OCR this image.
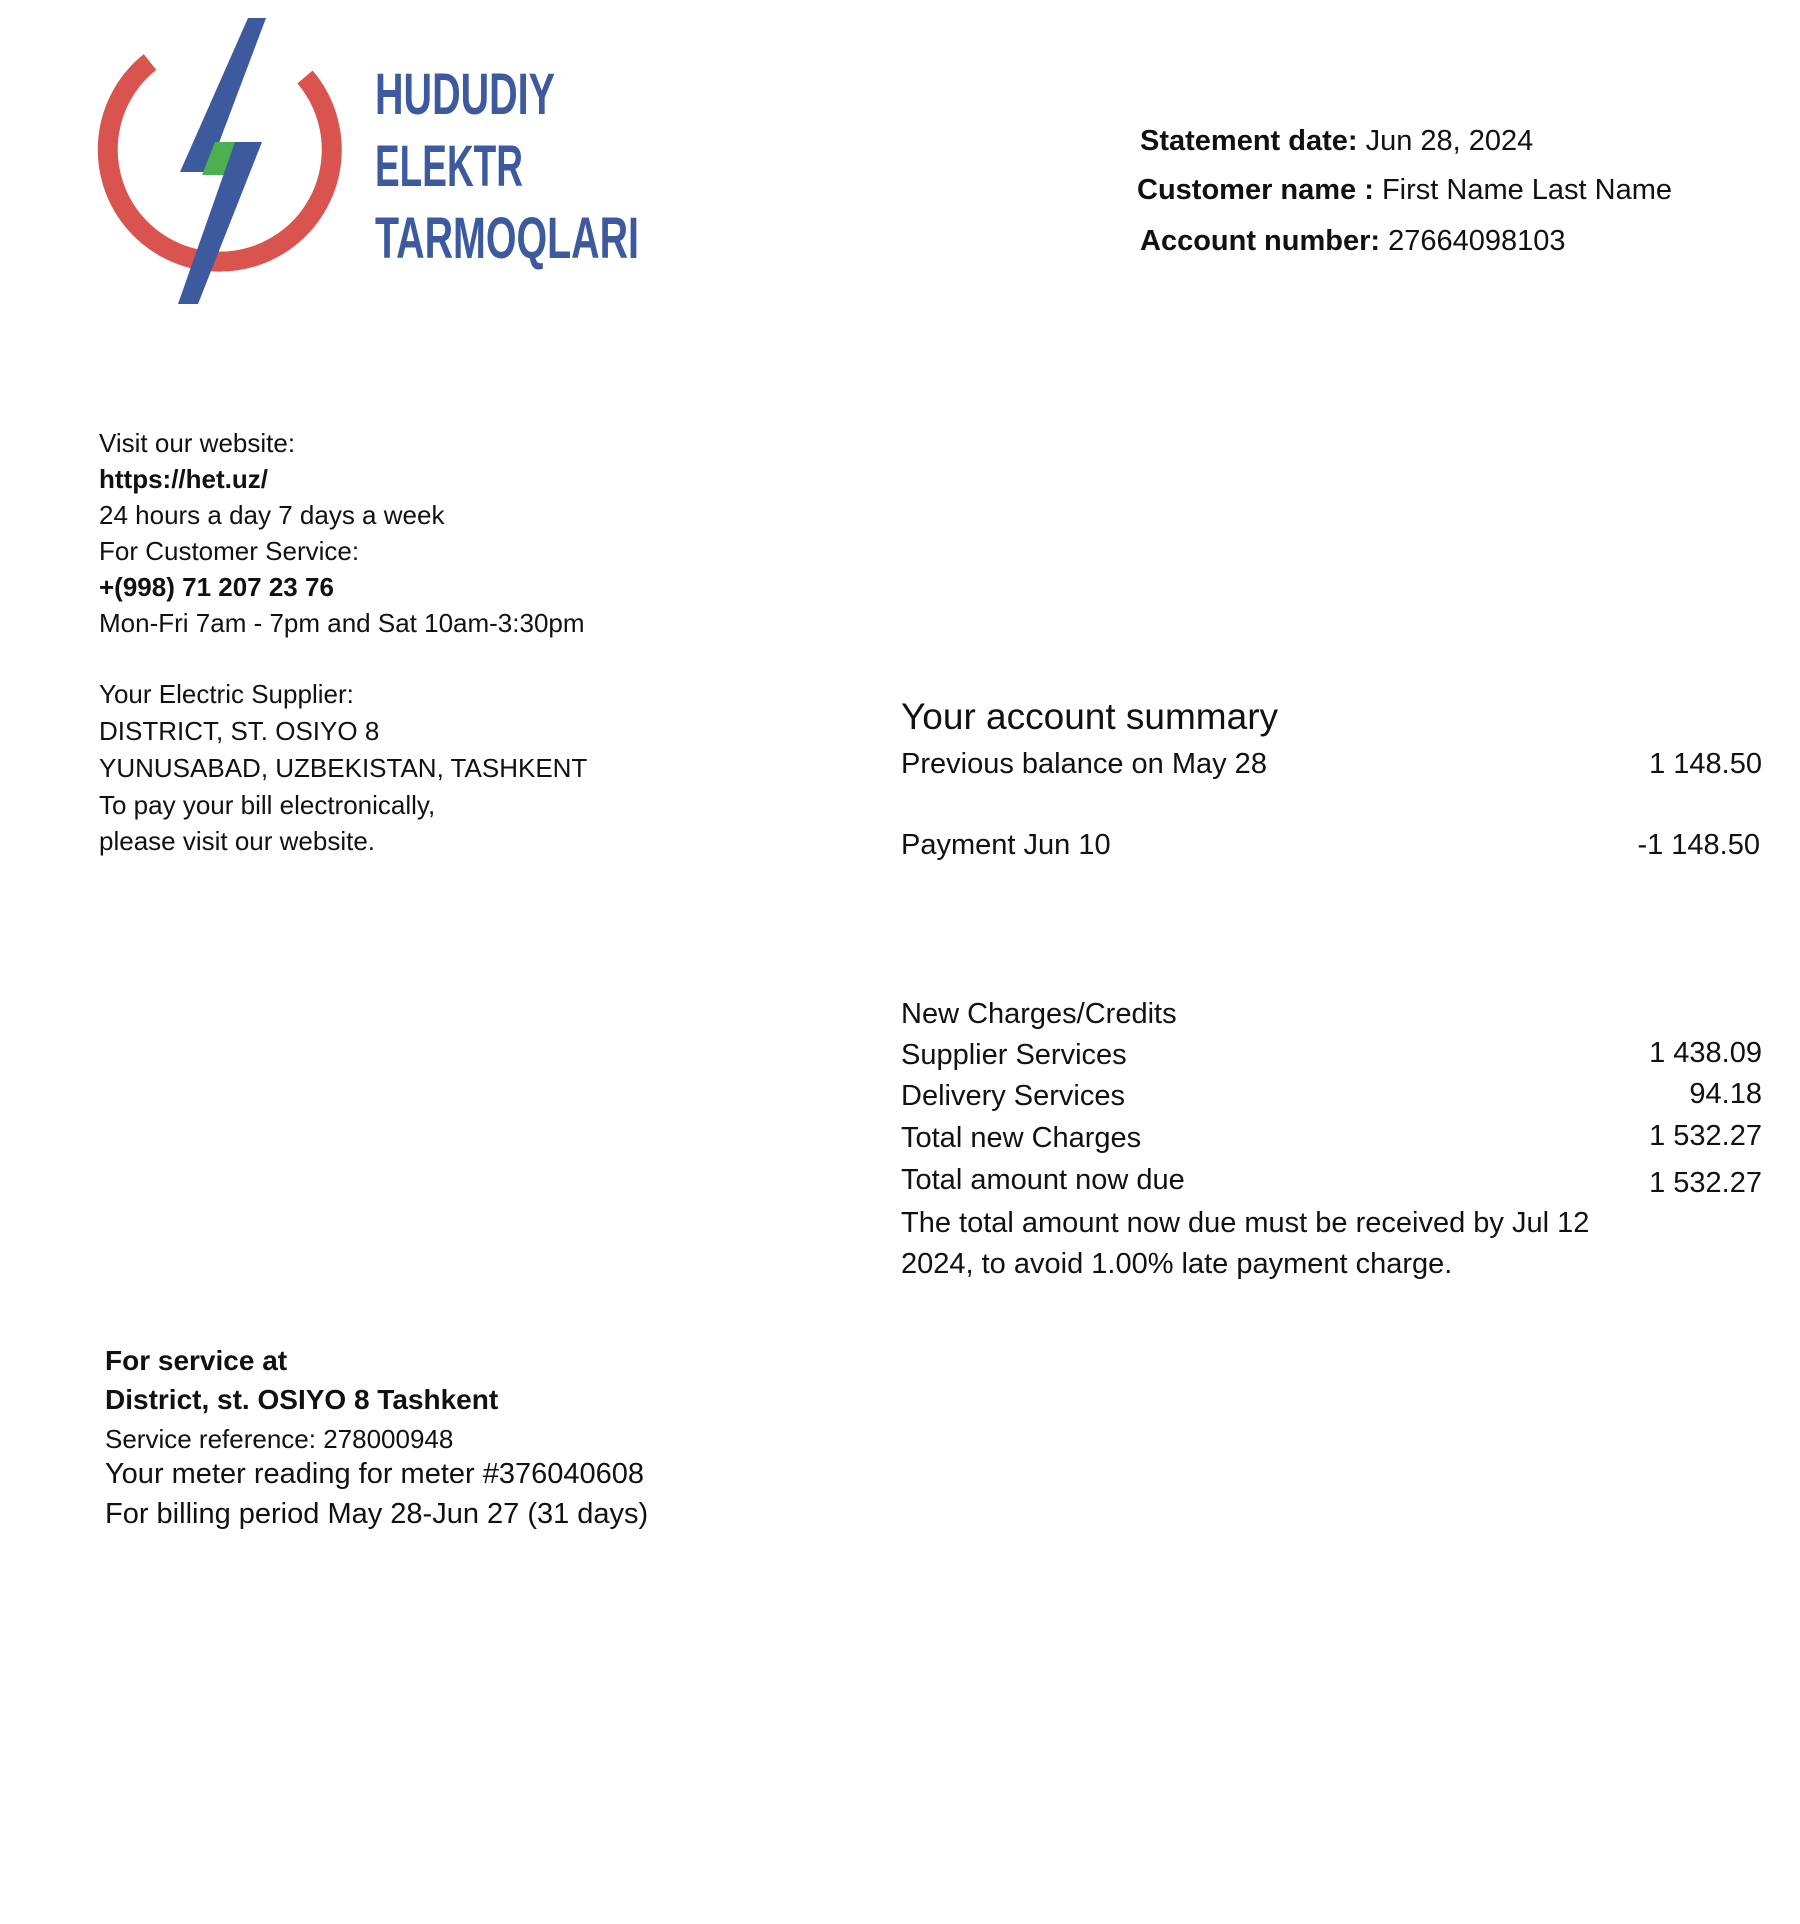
HUDUDIY
ELEKTR
TARMOQLARI
Statement date: Jun 28, 2024
Customer name : First Name Last Name
Account number: 27664098103
Visit our website:
https://het.uz/
24 hours a day 7 days a week
For Customer Service:
+(998) 71 207 23 76
Mon-Fri 7am - 7pm and Sat 10am-3:30pm
Your Electric Supplier:
DISTRICT, ST. OSIYO 8
YUNUSABAD, UZBEKISTAN, TASHKENT
To pay your bill electronically,
please visit our website.
Your account summary
Previous balance on May 28	1 148.50
Payment Jun 10	-1 148.50
New Charges/Credits
Supplier Services	1 438.09
Delivery Services	94.18
Total new Charges	1 532.27
Total amount now due	1 532.27
The total amount now due must be received by Jul 12 2024, to avoid 1.00% late payment charge.
For service at
District, st. OSIYO 8 Tashkent
Service reference: 278000948
Your meter reading for meter #376040608
For billing period May 28-Jun 27 (31 days)
